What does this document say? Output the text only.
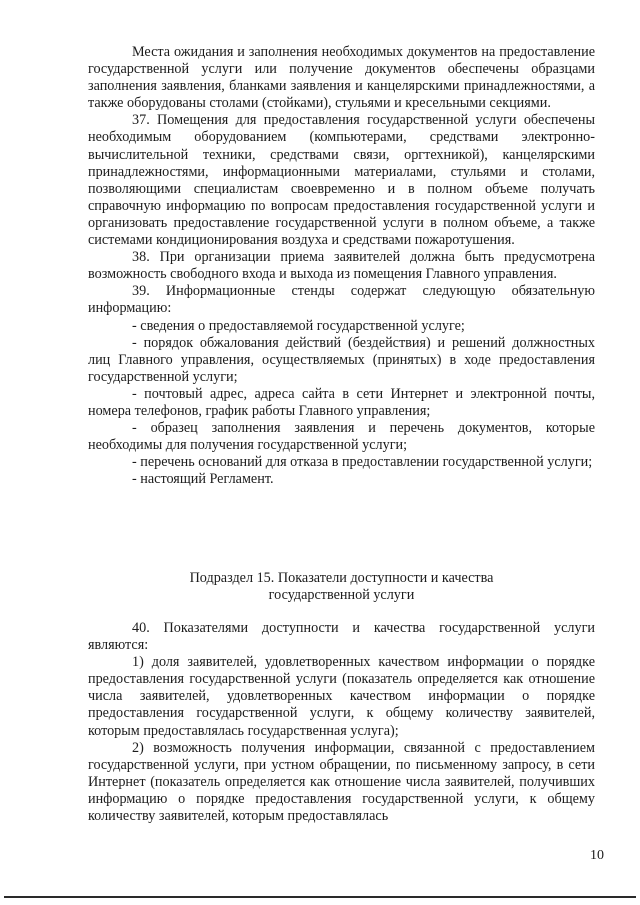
Места ожидания и заполнения необходимых документов на предоставление государственной услуги или получение документов обеспечены образцами заполнения заявления, бланками заявления и канцелярскими принадлежностями, а также оборудованы столами (стойками), стульями и кресельными секциями.

37. Помещения для предоставления государственной услуги обеспечены необходимым оборудованием (компьютерами, средствами электронно-вычислительной техники, средствами связи, оргтехникой), канцелярскими принадлежностями, информационными материалами, стульями и столами, позволяющими специалистам своевременно и в полном объеме получать справочную информацию по вопросам предоставления государственной услуги и организовать предоставление государственной услуги в полном объеме, а также системами кондиционирования воздуха и средствами пожаротушения.

38. При организации приема заявителей должна быть предусмотрена возможность свободного входа и выхода из помещения Главного управления.

39. Информационные стенды содержат следующую обязательную информацию:

- сведения о предоставляемой государственной услуге;

- порядок обжалования действий (бездействия) и решений должностных лиц Главного управления, осуществляемых (принятых) в ходе предоставления государственной услуги;

- почтовый адрес, адреса сайта в сети Интернет и электронной почты, номера телефонов, график работы Главного управления;

- образец заполнения заявления и перечень документов, которые необходимы для получения государственной услуги;

- перечень оснований для отказа в предоставлении государственной услуги;

- настоящий Регламент.

Подраздел 15. Показатели доступности и качества
государственной услуги

40. Показателями доступности и качества государственной услуги являются:

1) доля заявителей, удовлетворенных качеством информации о порядке предоставления государственной услуги (показатель определяется как отношение числа заявителей, удовлетворенных качеством информации о порядке предоставления государственной услуги, к общему количеству заявителей, которым предоставлялась государственная услуга);

2) возможность получения информации, связанной с предоставлением государственной услуги, при устном обращении, по письменному запросу, в сети Интернет (показатель определяется как отношение числа заявителей, получивших информацию о порядке предоставления государственной услуги, к общему количеству заявителей, которым предоставлялась

10
